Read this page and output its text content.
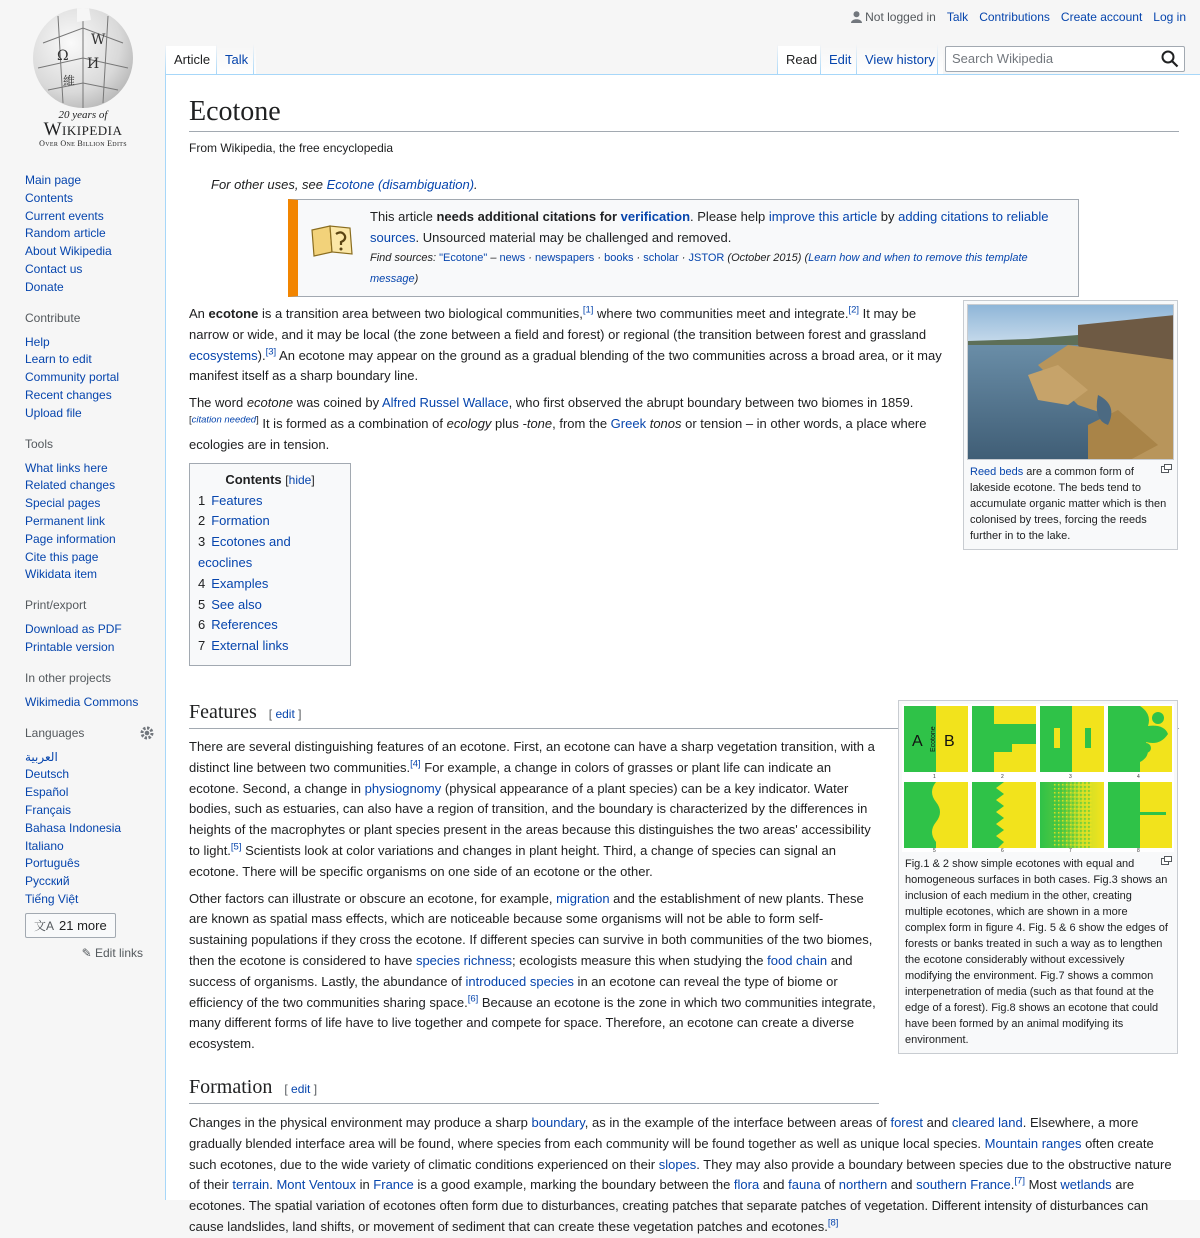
Not logged in Talk Contributions Create account Log in
W
Ω И
維
20 years of
Wikipedia
Over One Billion Edits
Main page
Contents
Current events
Random article
About Wikipedia
Contact us
Donate
Contribute
Help
Learn to edit
Community portal
Recent changes
Upload file
Tools
What links here
Related changes
Special pages
Permanent link
Page information
Cite this page
Wikidata item
Print/export
Download as PDF
Printable version
In other projects
Wikimedia Commons
Languages
العربية
Deutsch
Español
Français
Bahasa Indonesia
Italiano
Português
Русский
Tiếng Việt
文A 21 more
✎ Edit links
Article	Talk	Read Edit	View history	Search Wikipedia
Ecotone
From Wikipedia, the free encyclopedia
For other uses, see Ecotone (disambiguation).
This article needs additional citations for verification. Please help improve this article by adding citations to reliable sources. Unsourced material may be challenged and removed.
Find sources: "Ecotone" – news · newspapers · books · scholar · JSTOR (October 2015) (Learn how and when to remove this template message)

An ecotone is a transition area between two biological communities,[1] where two communities meet and integrate.[2] It may be narrow or wide, and it may be local (the zone between a field and forest) or regional (the transition between forest and grassland ecosystems).[3] An ecotone may appear on the ground as a gradual blending of the two communities across a broad area, or it may manifest itself as a sharp boundary line.

The word ecotone was coined by Alfred Russel Wallace, who first observed the abrupt boundary between two biomes in 1859.[citation needed] It is formed as a combination of ecology plus -tone, from the Greek tonos or tension – in other words, a place where ecologies are in tension.

Contents [hide]
1 Features
2 Formation
3 Ecotones and ecoclines
4 Examples
5 See also
6 References
7 External links
Features [ edit ]

There are several distinguishing features of an ecotone. First, an ecotone can have a sharp vegetation transition, with a distinct line between two communities.[4] For example, a change in colors of grasses or plant life can indicate an ecotone. Second, a change in physiognomy (physical appearance of a plant species) can be a key indicator. Water bodies, such as estuaries, can also have a region of transition, and the boundary is characterized by the differences in heights of the macrophytes or plant species present in the areas because this distinguishes the two areas' accessibility to light.[5] Scientists look at color variations and changes in plant height. Third, a change of species can signal an ecotone. There will be specific organisms on one side of an ecotone or the other.

Other factors can illustrate or obscure an ecotone, for example, migration and the establishment of new plants. These are known as spatial mass effects, which are noticeable because some organisms will not be able to form self-sustaining populations if they cross the ecotone. If different species can survive in both communities of the two biomes, then the ecotone is considered to have species richness; ecologists measure this when studying the food chain and success of organisms. Lastly, the abundance of introduced species in an ecotone can reveal the type of biome or efficiency of the two communities sharing space.[6] Because an ecotone is the zone in which two communities integrate, many different forms of life have to live together and compete for space. Therefore, an ecotone can create a diverse ecosystem.

Formation [ edit ]

Changes in the physical environment may produce a sharp boundary, as in the example of the interface between areas of forest and cleared land. Elsewhere, a more gradually blended interface area will be found, where species from each community will be found together as well as unique local species. Mountain ranges often create such ecotones, due to the wide variety of climatic conditions experienced on their slopes. They may also provide a boundary between species due to the obstructive nature of their terrain. Mont Ventoux in France is a good example, marking the boundary between the flora and fauna of northern and southern France.[7] Most wetlands are ecotones. The spatial variation of ecotones often form due to disturbances, creating patches that separate patches of vegetation. Different intensity of disturbances can cause landslides, land shifts, or movement of sediment that can create these vegetation patches and ecotones.[8]

Reed beds are a common form of lakeside ecotone. The beds tend to accumulate organic matter which is then colonised by trees, forcing the reeds further in to the lake.
A B
Ecotone
1	2	3	4
5	6	7	8
Fig.1 & 2 show simple ecotones with equal and homogeneous surfaces in both cases. Fig.3 shows an inclusion of each medium in the other, creating multiple ecotones, which are shown in a more complex form in figure 4. Fig. 5 & 6 show the edges of forests or banks treated in such a way as to lengthen the ecotone considerably without excessively modifying the environment. Fig.7 shows a common interpenetration of media (such as that found at the edge of a forest). Fig.8 shows an ecotone that could have been formed by an animal modifying its environment.
